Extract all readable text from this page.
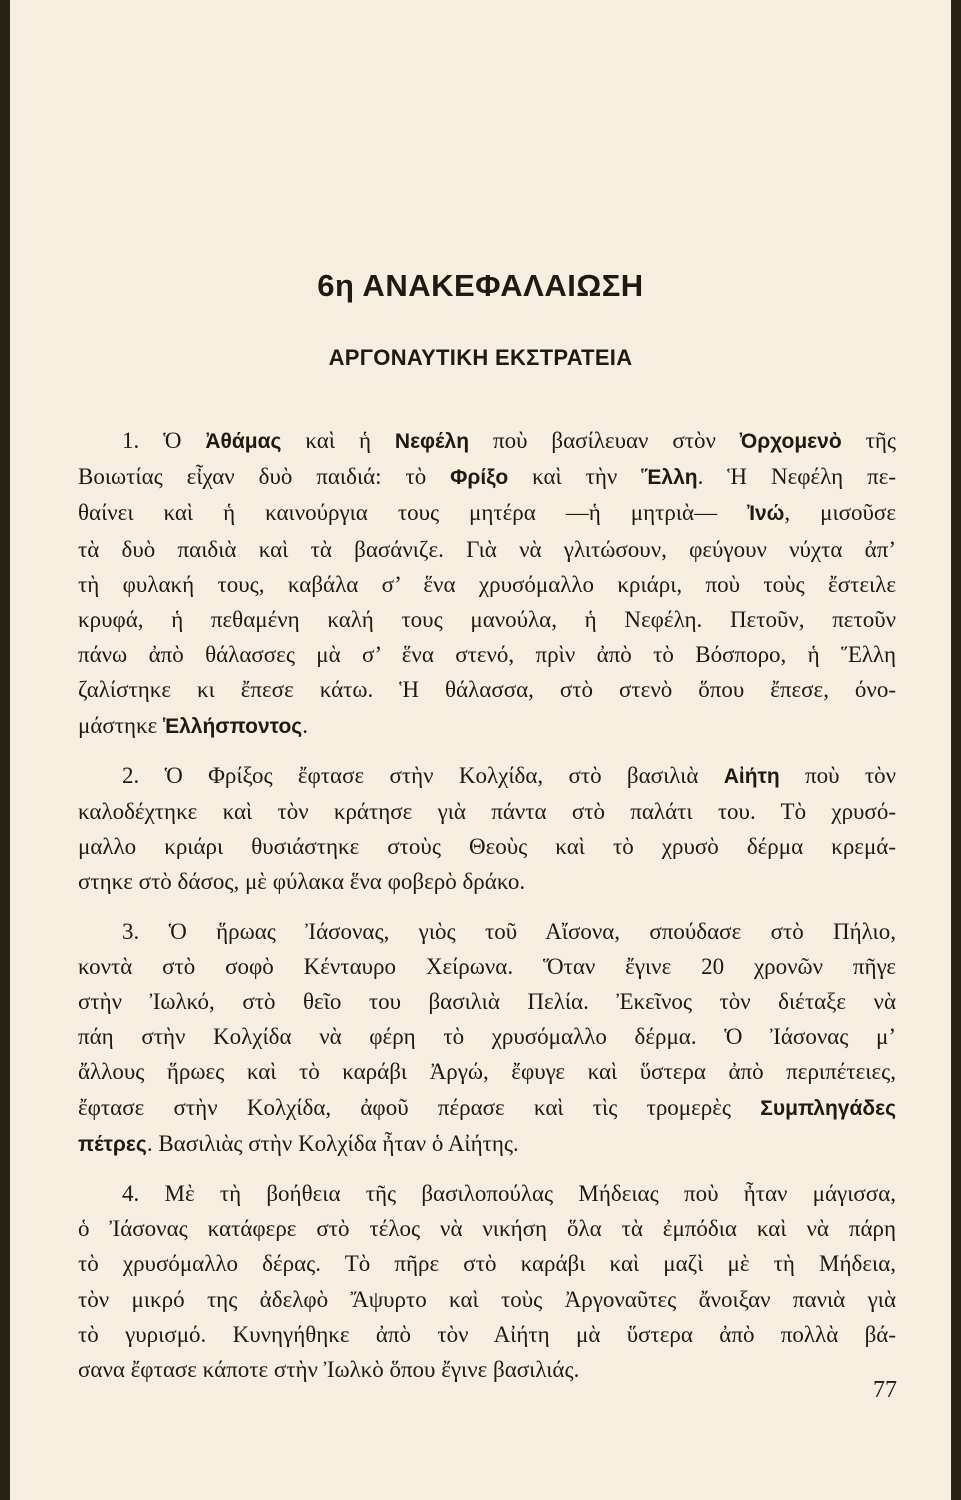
6η ΑΝΑΚΕΦΑΛΑΙΩΣΗ
ΑΡΓΟΝΑΥΤΙΚΗ ΕΚΣΤΡΑΤΕΙΑ
1. Ὁ Ἀθάμας καὶ ἡ Νεφέλη ποὺ βασίλευαν στὸν Ὀρχομενὸ τῆς
Βοιωτίας εἶχαν δυὸ παιδιά: τὸ Φρίξο καὶ τὴν Ἕλλη. Ἡ Νεφέλη πε-
θαίνει καὶ ἡ καινούργια τους μητέρα —ἡ μητριὰ— Ἰνώ, μισοῦσε
τὰ δυὸ παιδιὰ καὶ τὰ βασάνιζε. Γιὰ νὰ γλιτώσουν, φεύγουν νύχτα ἀπ’
τὴ φυλακή τους, καβάλα σ’ ἕνα χρυσόμαλλο κριάρι, ποὺ τοὺς ἔστειλε
κρυφά, ἡ πεθαμένη καλή τους μανούλα, ἡ Νεφέλη. Πετοῦν, πετοῦν
πάνω ἀπὸ θάλασσες μὰ σ’ ἕνα στενό, πρὶν ἀπὸ τὸ Βόσπορο, ἡ Ἕλλη
ζαλίστηκε κι ἔπεσε κάτω. Ἡ θάλασσα, στὸ στενὸ ὅπου ἔπεσε, όνο-
μάστηκε Ἑλλήσποντος.
2. Ὁ Φρίξος ἔφτασε στὴν Κολχίδα, στὸ βασιλιὰ Αἰήτη ποὺ τὸν
καλοδέχτηκε καὶ τὸν κράτησε γιὰ πάντα στὸ παλάτι του. Τὸ χρυσό-
μαλλο κριάρι θυσιάστηκε στοὺς Θεοὺς καὶ τὸ χρυσὸ δέρμα κρεμά-
στηκε στὸ δάσος, μὲ φύλακα ἕνα φοβερὸ δράκο.
3. Ὁ ἥρωας Ἰάσονας, γιὸς τοῦ Αἴσονα, σπούδασε στὸ Πήλιο,
κοντὰ στὸ σοφὸ Κένταυρο Χείρωνα. Ὅταν ἔγινε 20 χρονῶν πῆγε
στὴν Ἰωλκό, στὸ θεῖο του βασιλιὰ Πελία. Ἐκεῖνος τὸν διέταξε νὰ
πάη στὴν Κολχίδα νὰ φέρη τὸ χρυσόμαλλο δέρμα. Ὁ Ἰάσονας μ’
ἄλλους ἥρωες καὶ τὸ καράβι Ἀργώ, ἔφυγε καὶ ὕστερα ἀπὸ περιπέτειες,
ἔφτασε στὴν Κολχίδα, ἀφοῦ πέρασε καὶ τὶς τρομερὲς Συμπληγάδες
πέτρες. Βασιλιὰς στὴν Κολχίδα ἦταν ὁ Αἰήτης.
4. Μὲ τὴ βοήθεια τῆς βασιλοπούλας Μήδειας ποὺ ἦταν μάγισσα,
ὁ Ἰάσονας κατάφερε στὸ τέλος νὰ νικήση ὅλα τὰ ἐμπόδια καὶ νὰ πάρη
τὸ χρυσόμαλλο δέρας. Τὸ πῆρε στὸ καράβι καὶ μαζὶ μὲ τὴ Μήδεια,
τὸν μικρό της ἀδελφὸ Ἄψυρτο καὶ τοὺς Ἀργοναῦτες ἄνοιξαν πανιὰ γιὰ
τὸ γυρισμό. Κυνηγήθηκε ἀπὸ τὸν Αἰήτη μὰ ὕστερα ἀπὸ πολλὰ βά-
σανα ἔφτασε κάποτε στὴν Ἰωλκὸ ὅπου ἔγινε βασιλιάς.
77
